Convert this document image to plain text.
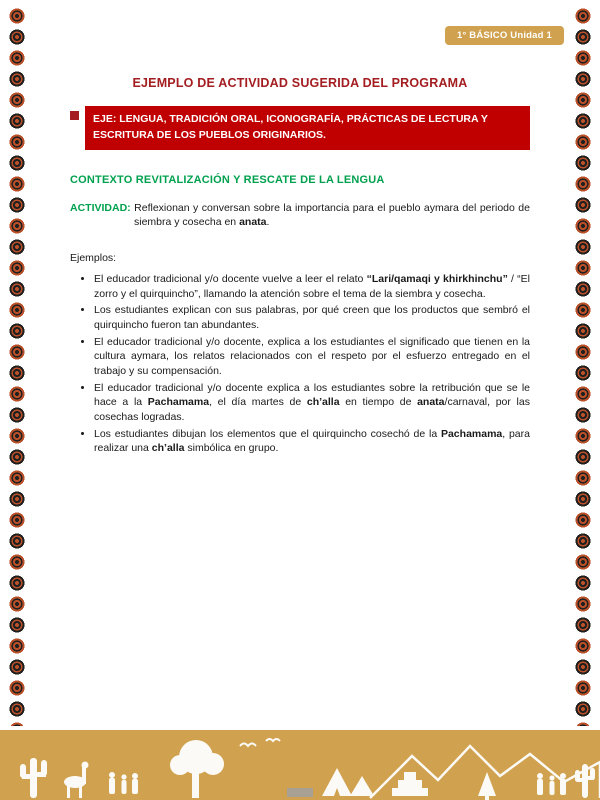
1° BÁSICO Unidad 1
EJEMPLO DE ACTIVIDAD SUGERIDA DEL PROGRAMA
EJE: LENGUA, TRADICIÓN ORAL, ICONOGRAFÍA, PRÁCTICAS DE LECTURA Y ESCRITURA DE LOS PUEBLOS ORIGINARIOS.
CONTEXTO REVITALIZACIÓN Y RESCATE DE LA LENGUA

ACTIVIDAD: Reflexionan y conversan sobre la importancia para el pueblo aymara del periodo de siembra y cosecha en anata.

Ejemplos:
• El educador tradicional y/o docente vuelve a leer el relato “Lari/qamaqi y khirkhinchu” / “El zorro y el quirquincho”, llamando la atención sobre el tema de la siembra y cosecha.
• Los estudiantes explican con sus palabras, por qué creen que los productos que sembró el quirquincho fueron tan abundantes.
• El educador tradicional y/o docente, explica a los estudiantes el significado que tienen en la cultura aymara, los relatos relacionados con el respeto por el esfuerzo entregado en el trabajo y su compensación.
• El educador tradicional y/o docente explica a los estudiantes sobre la retribución que se le hace a la Pachamama, el día martes de ch’alla en tiempo de anata/carnaval, por las cosechas logradas.
• Los estudiantes dibujan los elementos que el quirquincho cosechó de la Pachamama, para realizar una ch’alla simbólica en grupo.
